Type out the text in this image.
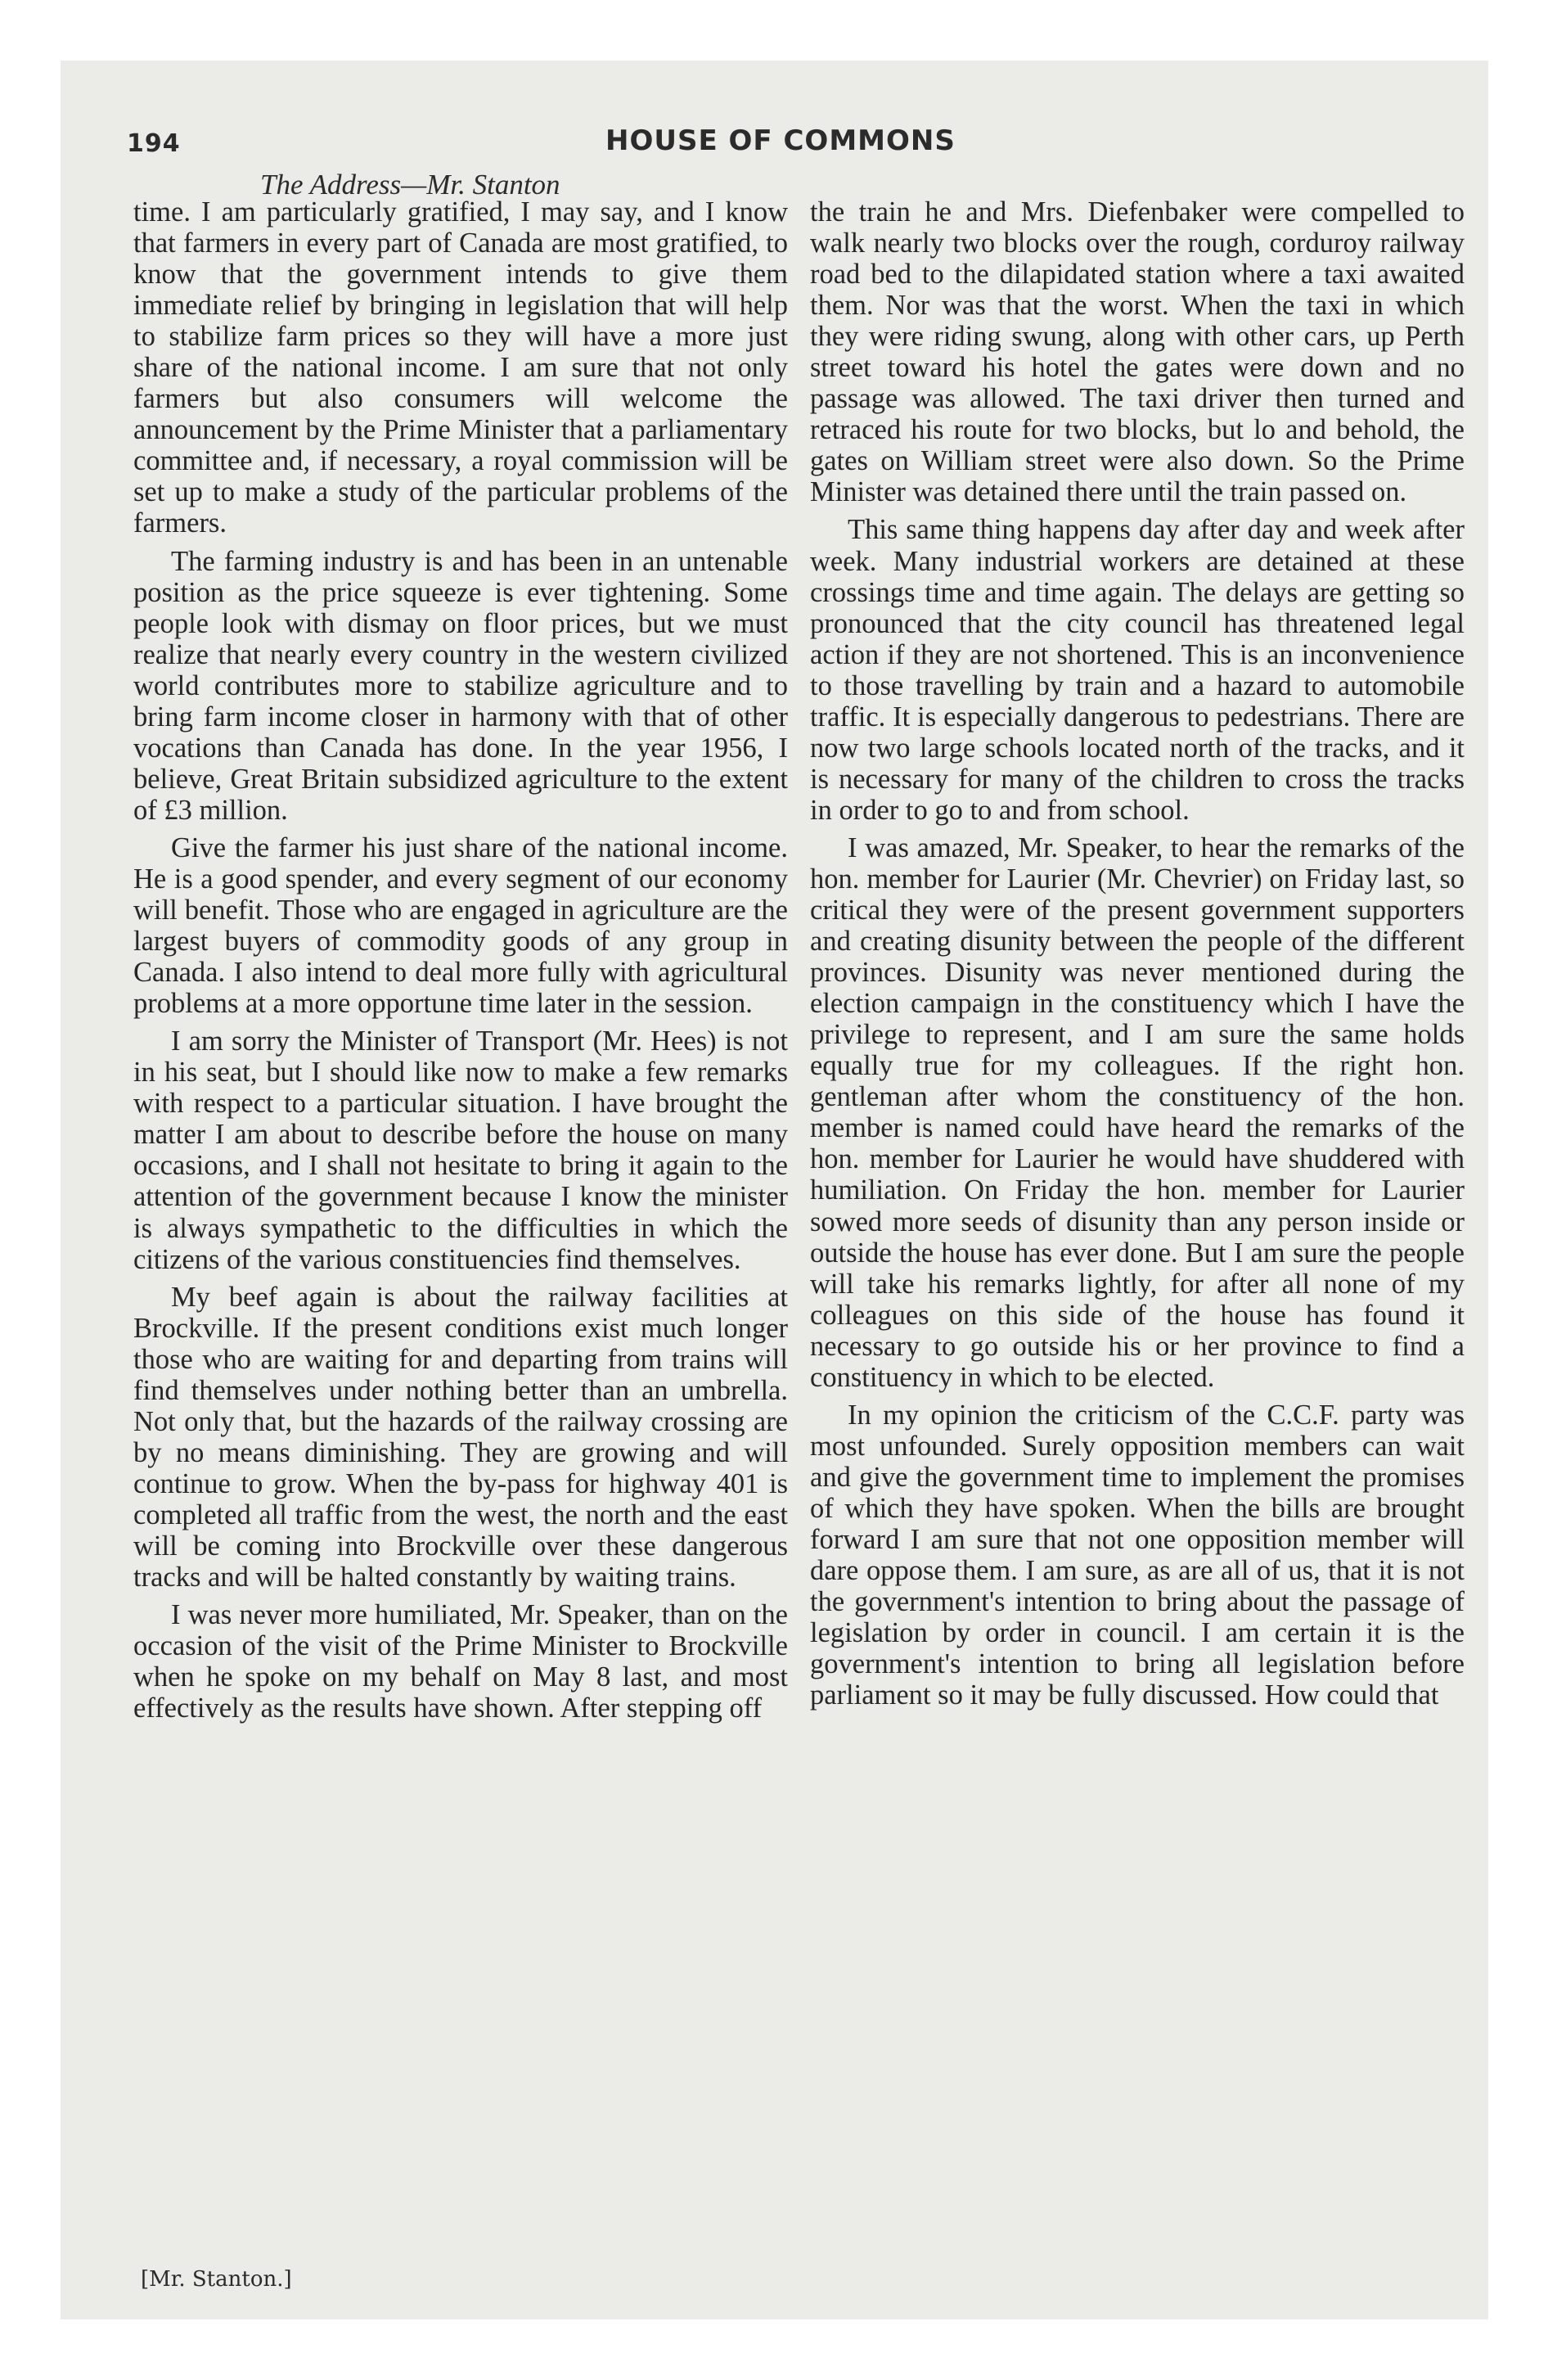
194	HOUSE OF COMMONS
The Address—Mr. Stanton

time. I am particularly gratified, I may say, and I know that farmers in every part of Canada are most gratified, to know that the government intends to give them immediate relief by bringing in legislation that will help to stabilize farm prices so they will have a more just share of the national income. I am sure that not only farmers but also consumers will welcome the announcement by the Prime Minister that a parliamentary committee and, if necessary, a royal commission will be set up to make a study of the particular problems of the farmers.

The farming industry is and has been in an untenable position as the price squeeze is ever tightening. Some people look with dismay on floor prices, but we must realize that nearly every country in the western civilized world contributes more to stabilize agriculture and to bring farm income closer in harmony with that of other vocations than Canada has done. In the year 1956, I believe, Great Britain subsidized agriculture to the extent of £3 million.

Give the farmer his just share of the national income. He is a good spender, and every segment of our economy will benefit. Those who are engaged in agriculture are the largest buyers of commodity goods of any group in Canada. I also intend to deal more fully with agricultural problems at a more opportune time later in the session.

I am sorry the Minister of Transport (Mr. Hees) is not in his seat, but I should like now to make a few remarks with respect to a particular situation. I have brought the matter I am about to describe before the house on many occasions, and I shall not hesitate to bring it again to the attention of the government because I know the minister is always sympathetic to the difficulties in which the citizens of the various constituencies find themselves.

My beef again is about the railway facilities at Brockville. If the present conditions exist much longer those who are waiting for and departing from trains will find themselves under nothing better than an umbrella. Not only that, but the hazards of the railway crossing are by no means diminishing. They are growing and will continue to grow. When the by-pass for highway 401 is completed all traffic from the west, the north and the east will be coming into Brockville over these dangerous tracks and will be halted constantly by waiting trains.

I was never more humiliated, Mr. Speaker, than on the occasion of the visit of the Prime Minister to Brockville when he spoke on my behalf on May 8 last, and most effectively as the results have shown. After stepping off

the train he and Mrs. Diefenbaker were compelled to walk nearly two blocks over the rough, corduroy railway road bed to the dilapidated station where a taxi awaited them. Nor was that the worst. When the taxi in which they were riding swung, along with other cars, up Perth street toward his hotel the gates were down and no passage was allowed. The taxi driver then turned and retraced his route for two blocks, but lo and behold, the gates on William street were also down. So the Prime Minister was detained there until the train passed on.

This same thing happens day after day and week after week. Many industrial workers are detained at these crossings time and time again. The delays are getting so pronounced that the city council has threatened legal action if they are not shortened. This is an inconvenience to those travelling by train and a hazard to automobile traffic. It is especially dangerous to pedestrians. There are now two large schools located north of the tracks, and it is necessary for many of the children to cross the tracks in order to go to and from school.

I was amazed, Mr. Speaker, to hear the remarks of the hon. member for Laurier (Mr. Chevrier) on Friday last, so critical they were of the present government supporters and creating disunity between the people of the different provinces. Disunity was never mentioned during the election campaign in the constituency which I have the privilege to represent, and I am sure the same holds equally true for my colleagues. If the right hon. gentleman after whom the constituency of the hon. member is named could have heard the remarks of the hon. member for Laurier he would have shuddered with humiliation. On Friday the hon. member for Laurier sowed more seeds of disunity than any person inside or outside the house has ever done. But I am sure the people will take his remarks lightly, for after all none of my colleagues on this side of the house has found it necessary to go outside his or her province to find a constituency in which to be elected.

In my opinion the criticism of the C.C.F. party was most unfounded. Surely opposition members can wait and give the government time to implement the promises of which they have spoken. When the bills are brought forward I am sure that not one opposition member will dare oppose them. I am sure, as are all of us, that it is not the government's intention to bring about the passage of legislation by order in council. I am certain it is the government's intention to bring all legislation before parliament so it may be fully discussed. How could that

[Mr. Stanton.]
